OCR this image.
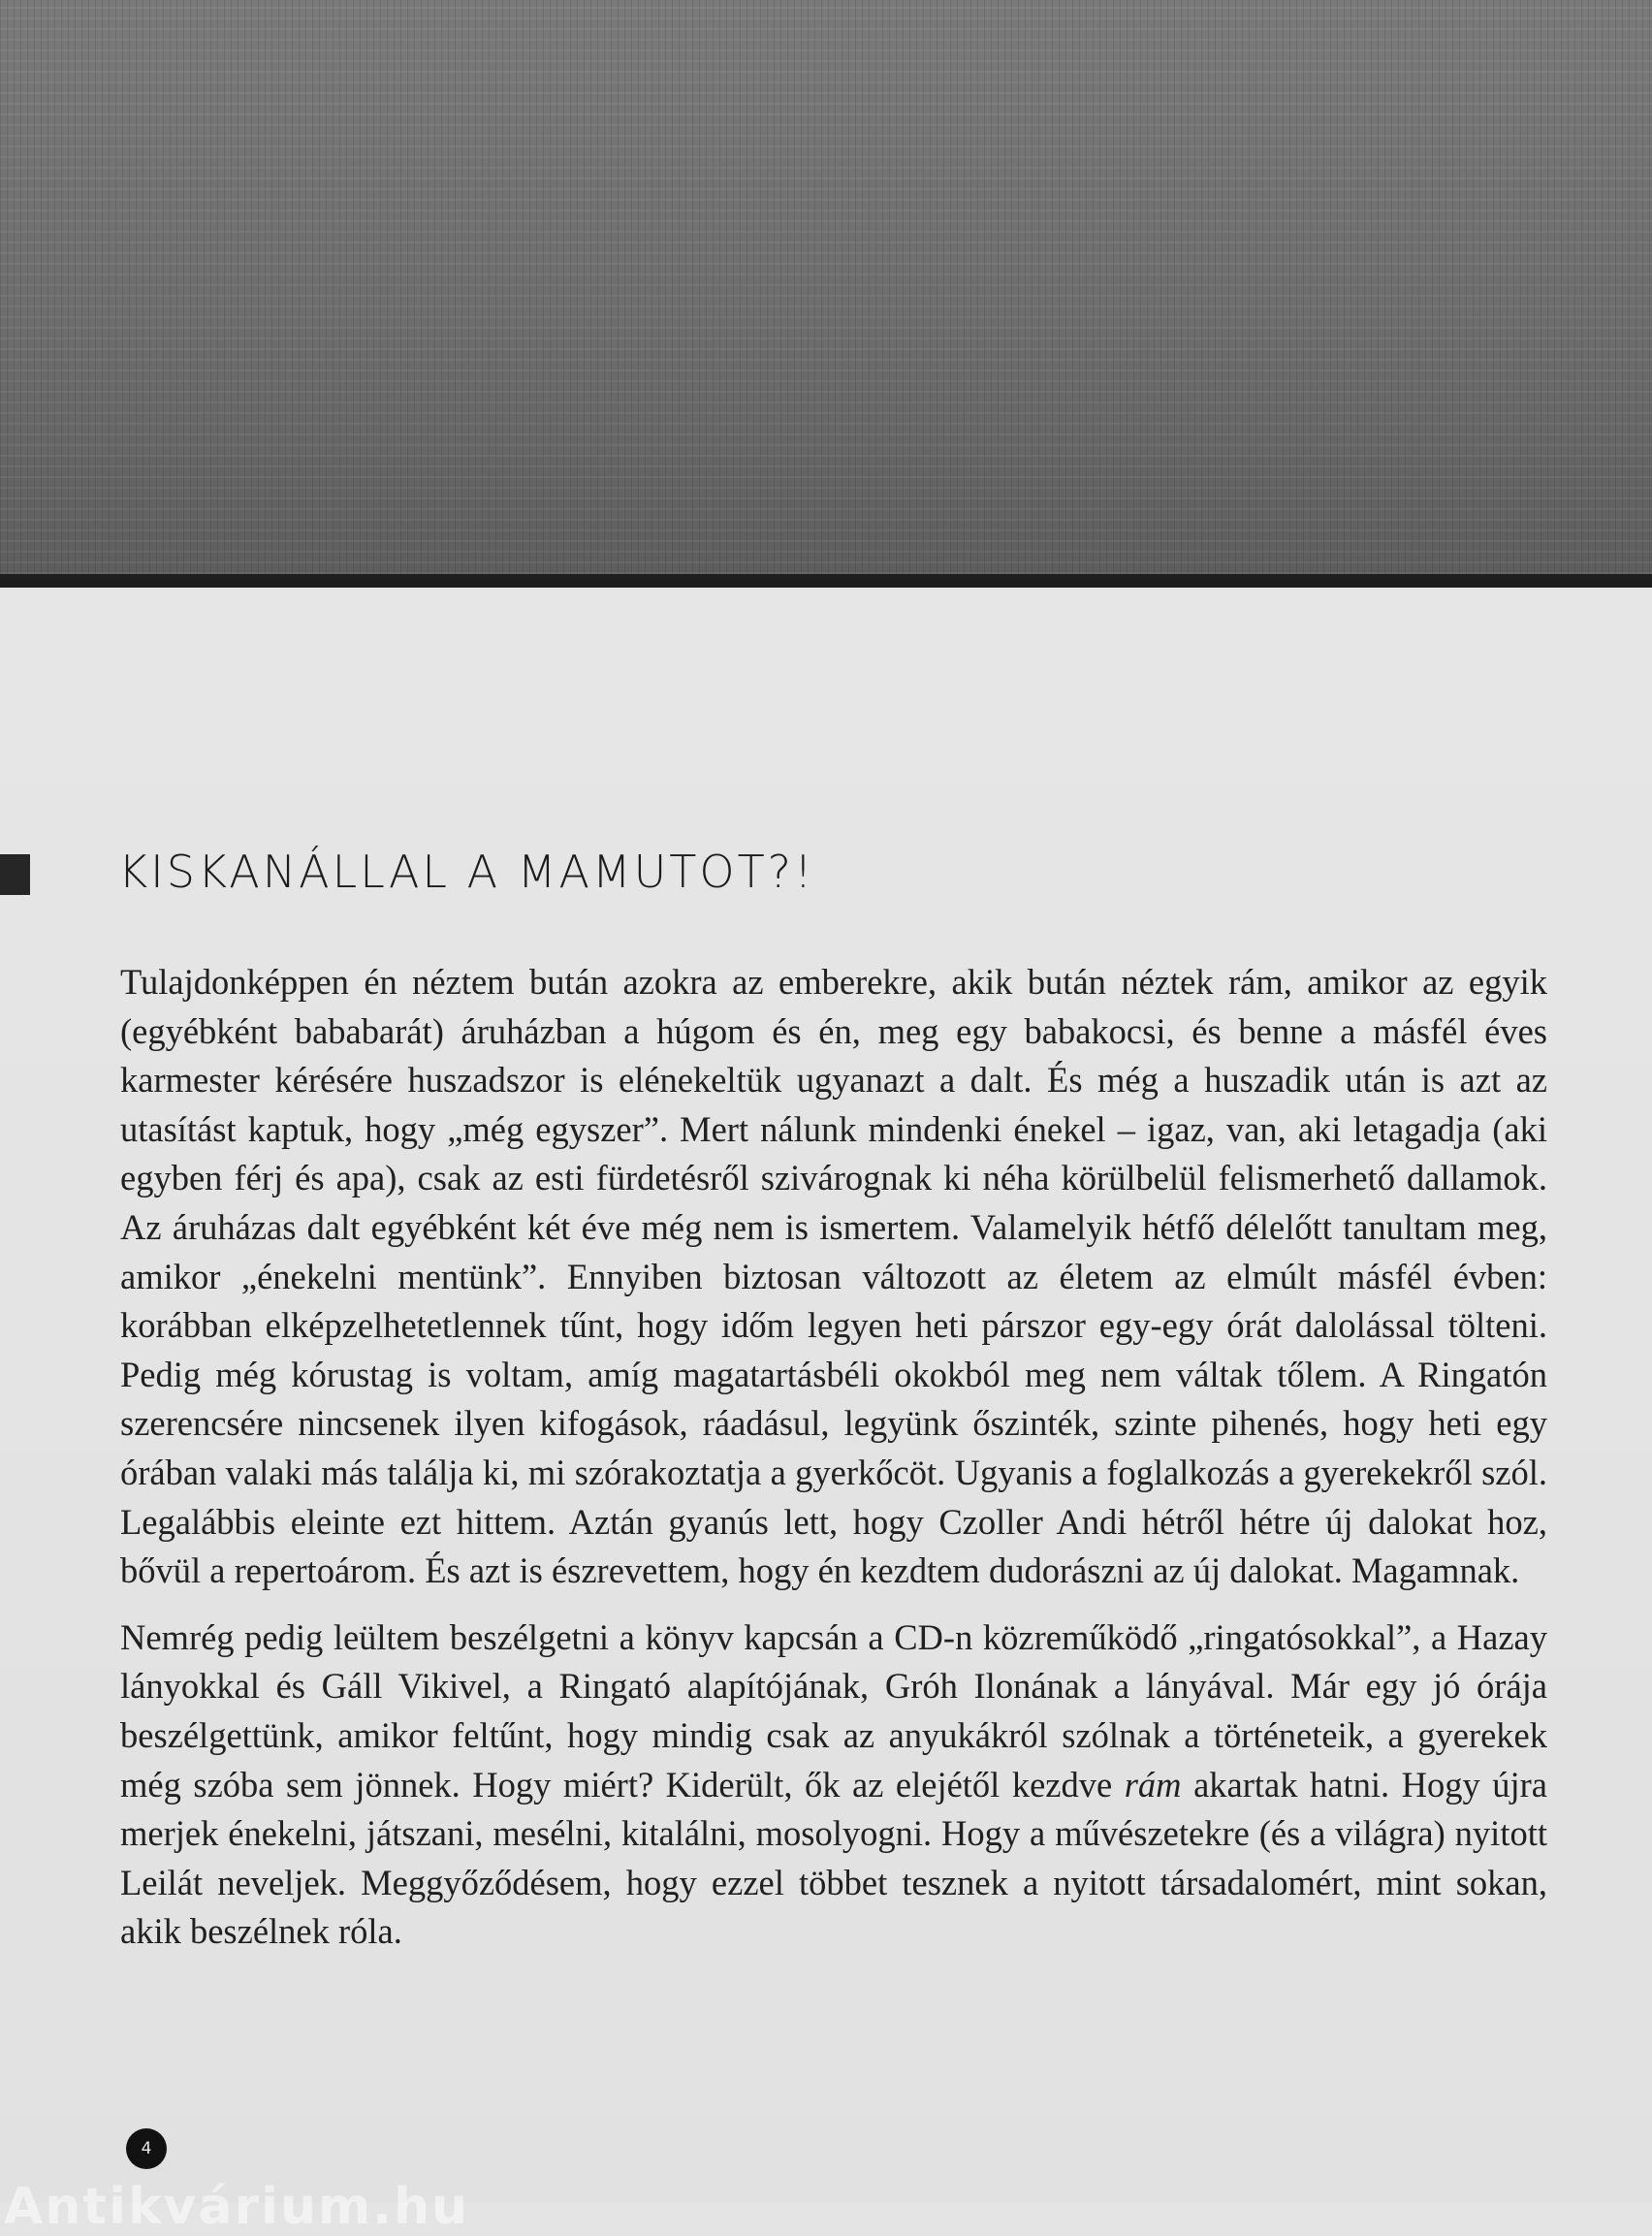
KISKANÁLLAL A MAMUTOT?!

Tulajdonképpen én néztem bután azokra az emberekre, akik bután néztek rám, amikor az egyik (egyébként bababarát) áruházban a húgom és én, meg egy babakocsi, és benne a másfél éves karmester kérésére huszadszor is elénekeltük ugyanazt a dalt. És még a huszadik után is azt az utasítást kaptuk, hogy „még egyszer”. Mert nálunk mindenki énekel – igaz, van, aki letagadja (aki egyben férj és apa), csak az esti fürdetésről szivárognak ki néha körülbelül felismerhető dallamok. Az áruházas dalt egyébként két éve még nem is ismertem. Valamelyik hétfő délelőtt tanultam meg, amikor „énekelni mentünk”. Ennyiben biztosan változott az életem az elmúlt másfél évben: korábban elképzelhetetlennek tűnt, hogy időm legyen heti párszor egy-egy órát dalolással tölteni. Pedig még kórustag is voltam, amíg magatartásbéli okokból meg nem váltak tőlem. A Ringatón szerencsére nincsenek ilyen kifogások, ráadásul, legyünk őszinték, szinte pihenés, hogy heti egy órában valaki más találja ki, mi szórakoztatja a gyerkőcöt. Ugyanis a foglalkozás a gyerekekről szól. Legalábbis eleinte ezt hittem. Aztán gyanús lett, hogy Czoller Andi hétről hétre új dalokat hoz, bővül a repertoárom. És azt is észrevettem, hogy én kezdtem dudorászni az új dalokat. Magamnak.

Nemrég pedig leültem beszélgetni a könyv kapcsán a CD-n közreműködő „ringatósokkal”, a Hazay lányokkal és Gáll Vikivel, a Ringató alapítójának, Gróh Ilonának a lányával. Már egy jó órája beszélgettünk, amikor feltűnt, hogy mindig csak az anyukákról szólnak a történeteik, a gyerekek még szóba sem jönnek. Hogy miért? Kiderült, ők az elejétől kezdve rám akartak hatni. Hogy újra merjek énekelni, játszani, mesélni, kitalálni, mosolyogni. Hogy a művészetekre (és a világra) nyitott Leilát neveljek. Meggyőződésem, hogy ezzel többet tesznek a nyitott társadalomért, mint sokan, akik beszélnek róla.

4
Antikvárium.hu
